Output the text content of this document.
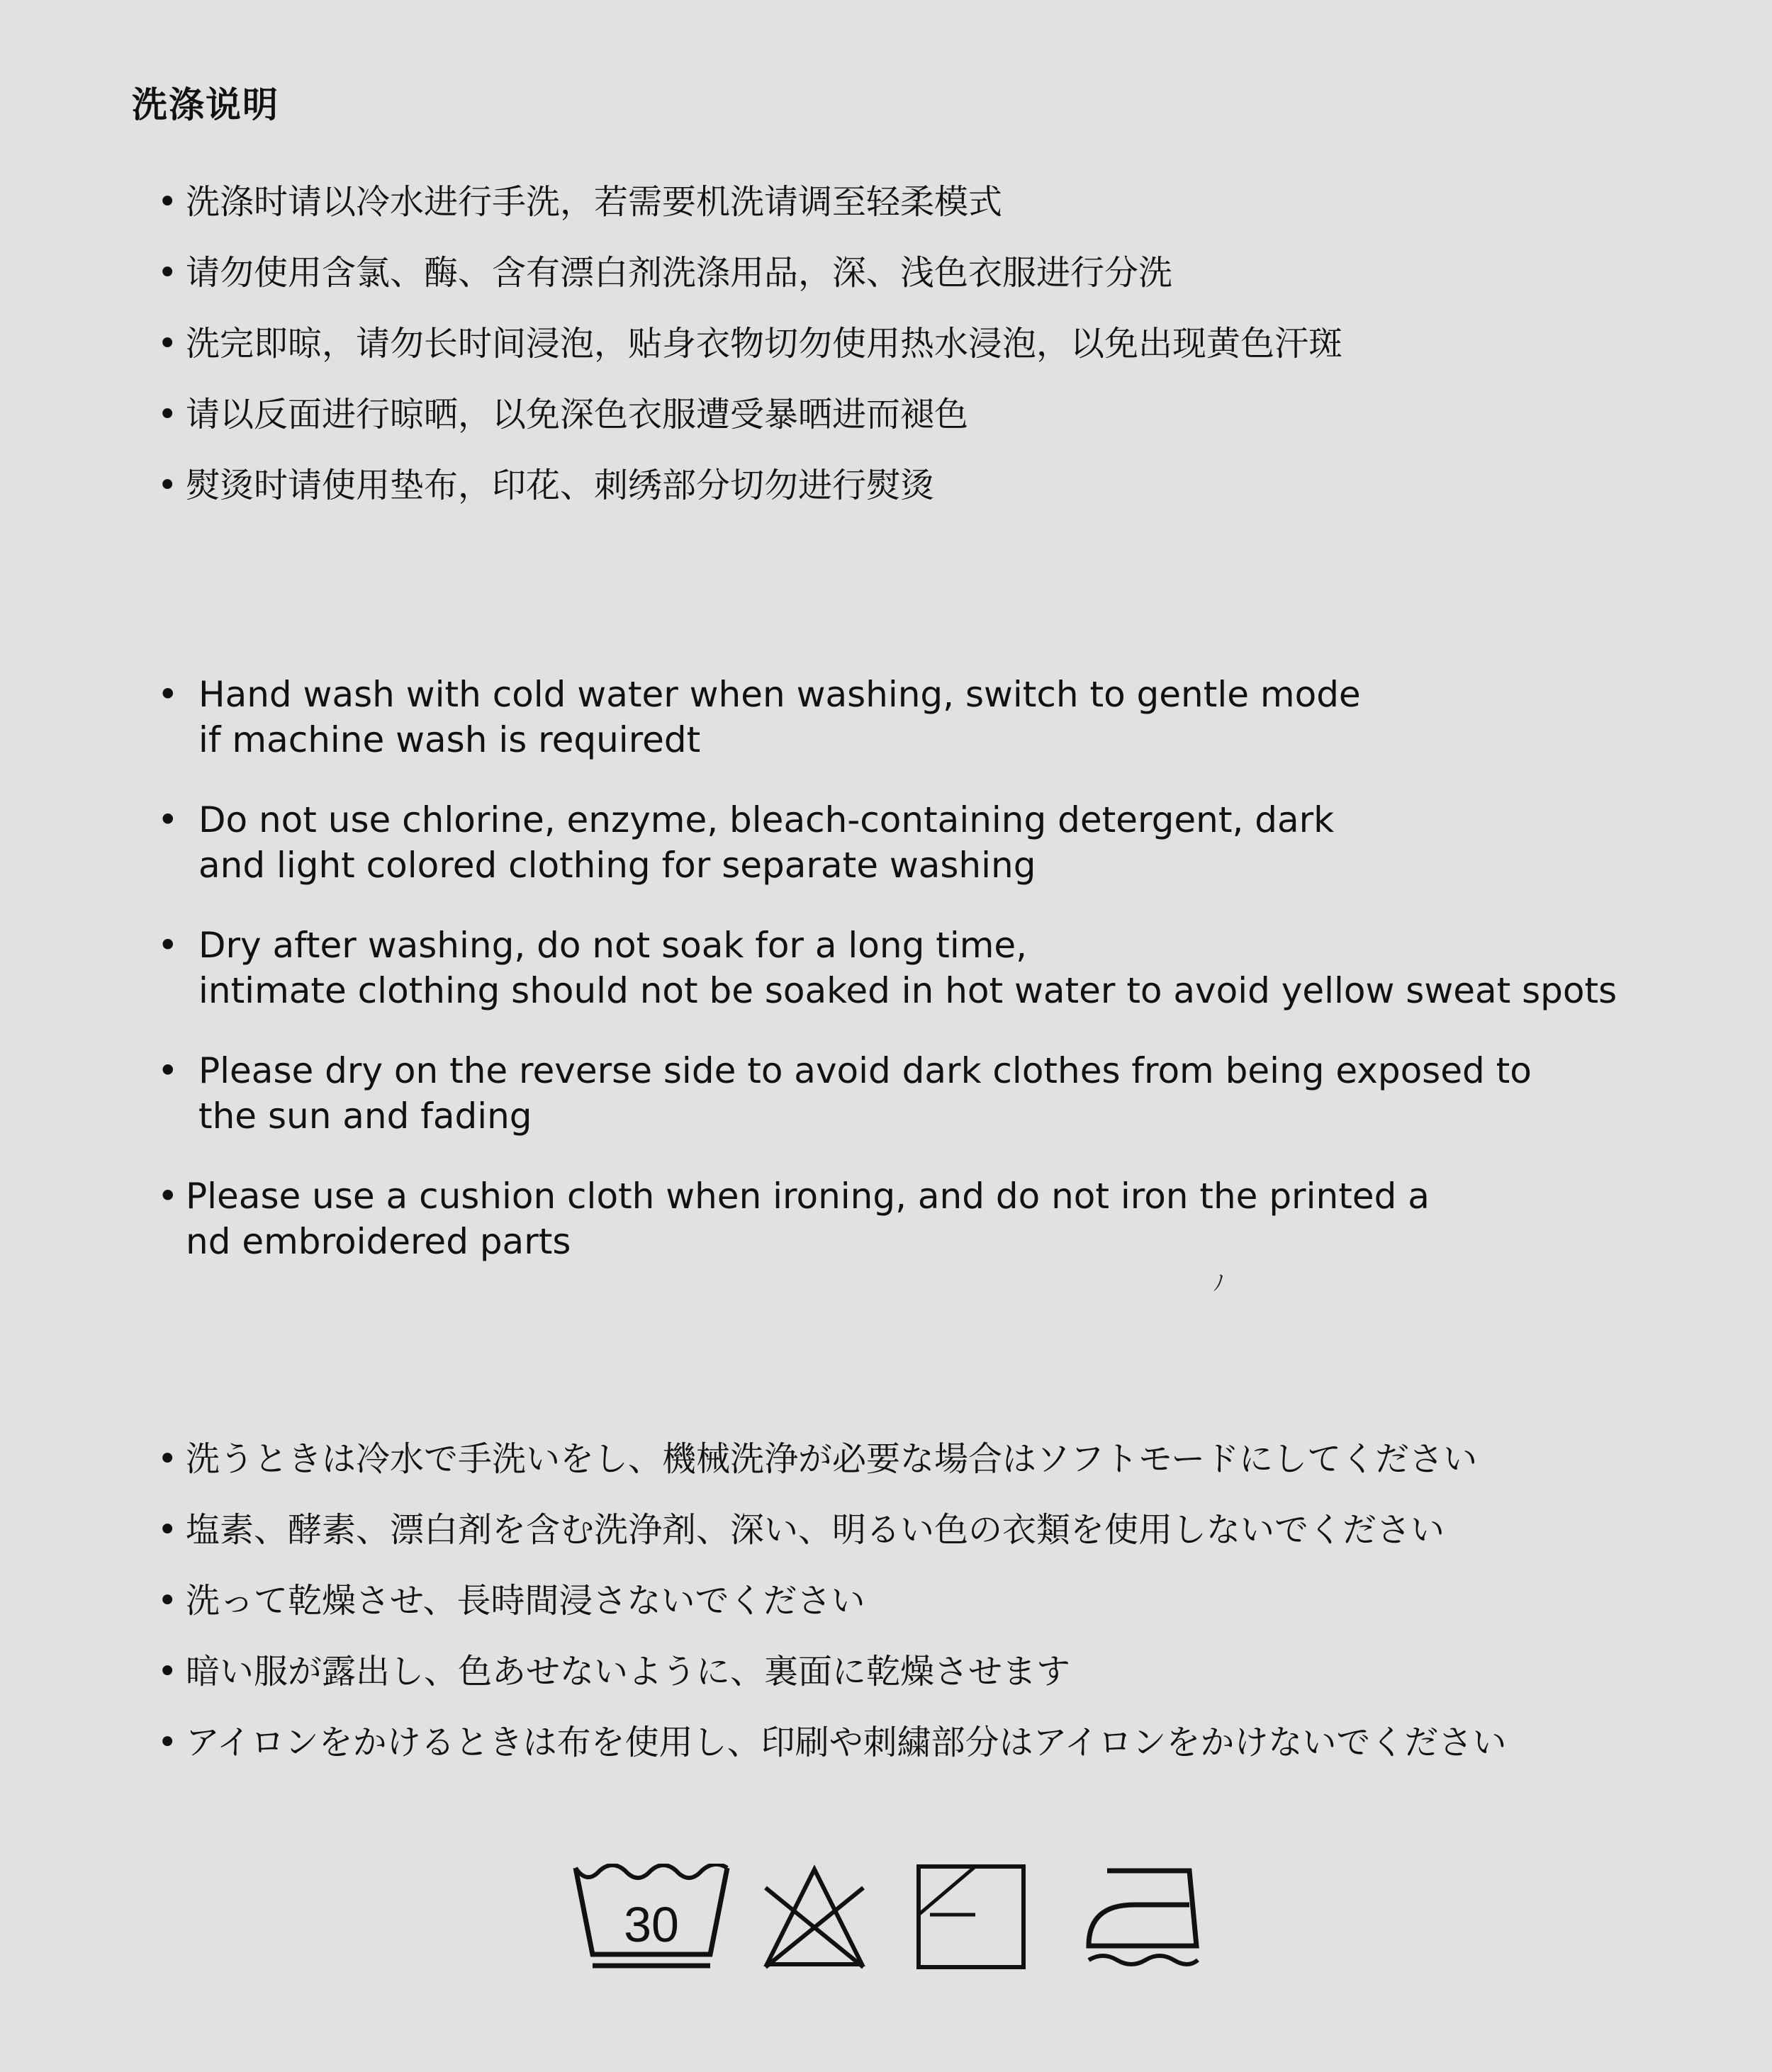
洗涤说明
• 洗涤时请以冷水进行手洗，若需要机洗请调至轻柔模式
• 请勿使用含氯、酶、含有漂白剂洗涤用品，深、浅色衣服进行分洗
• 洗完即晾，请勿长时间浸泡，贴身衣物切勿使用热水浸泡，以免出现黄色汗斑
• 请以反面进行晾晒，以免深色衣服遭受暴晒进而褪色
• 熨烫时请使用垫布，印花、刺绣部分切勿进行熨烫
• Hand wash with cold water when washing, switch to gentle mode
if machine wash is requiredt
• Do not use chlorine, enzyme, bleach-containing detergent, dark
and light colored clothing for separate washing
• Dry after washing, do not soak for a long time,
intimate clothing should not be soaked in hot water to avoid yellow sweat spots
• Please dry on the reverse side to avoid dark clothes from being exposed to
the sun and fading
• Please use a cushion cloth when ironing, and do not iron the printed a
nd embroidered parts
ﾉ
• 洗うときは冷水で手洗いをし、機械洗浄が必要な場合はソフトモードにしてください
• 塩素、酵素、漂白剤を含む洗浄剤、深い、明るい色の衣類を使用しないでください
• 洗って乾燥させ、長時間浸さないでください
• 暗い服が露出し、色あせないように、裏面に乾燥させます
• アイロンをかけるときは布を使用し、印刷や刺繍部分はアイロンをかけないでください
30
